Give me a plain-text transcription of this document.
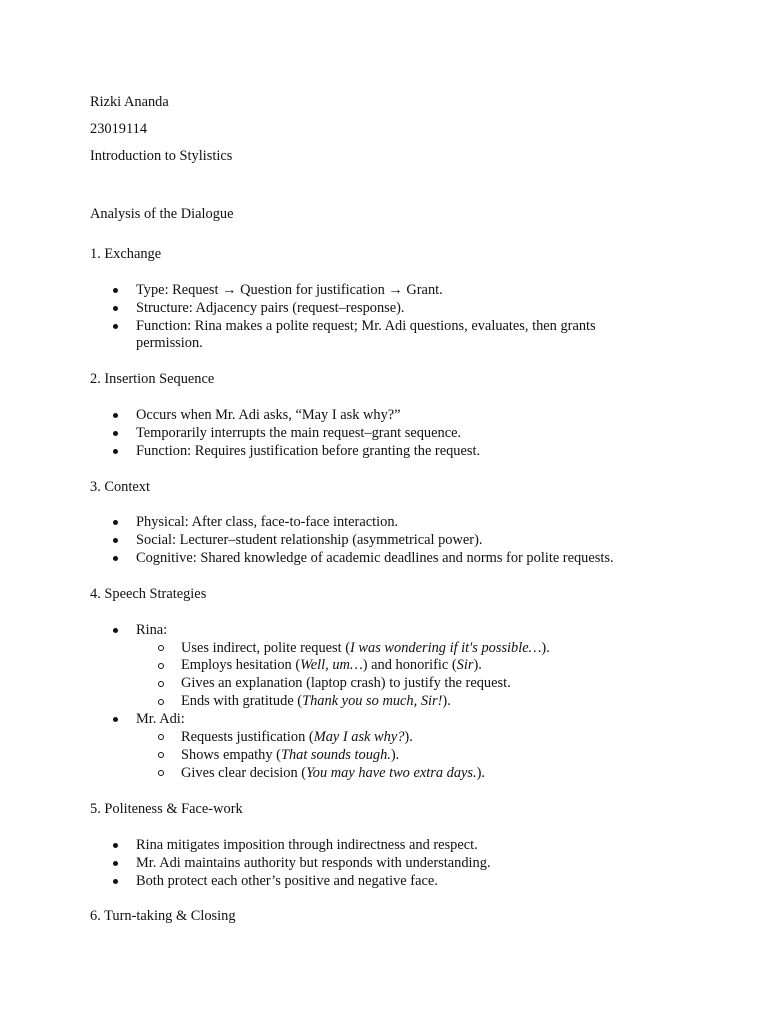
Rizki Ananda
23019114
Introduction to Stylistics
Analysis of the Dialogue
1. Exchange
Type: Request → Question for justification → Grant.
Structure: Adjacency pairs (request–response).
Function: Rina makes a polite request; Mr. Adi questions, evaluates, then grants
permission.
2. Insertion Sequence
Occurs when Mr. Adi asks, “May I ask why?”
Temporarily interrupts the main request–grant sequence.
Function: Requires justification before granting the request.
3. Context
Physical: After class, face-to-face interaction.
Social: Lecturer–student relationship (asymmetrical power).
Cognitive: Shared knowledge of academic deadlines and norms for polite requests.
4. Speech Strategies
Rina:
Uses indirect, polite request (I was wondering if it's possible…).
Employs hesitation (Well, um…) and honorific (Sir).
Gives an explanation (laptop crash) to justify the request.
Ends with gratitude (Thank you so much, Sir!).
Mr. Adi:
Requests justification (May I ask why?).
Shows empathy (That sounds tough.).
Gives clear decision (You may have two extra days.).
5. Politeness & Face-work
Rina mitigates imposition through indirectness and respect.
Mr. Adi maintains authority but responds with understanding.
Both protect each other’s positive and negative face.
6. Turn-taking & Closing
